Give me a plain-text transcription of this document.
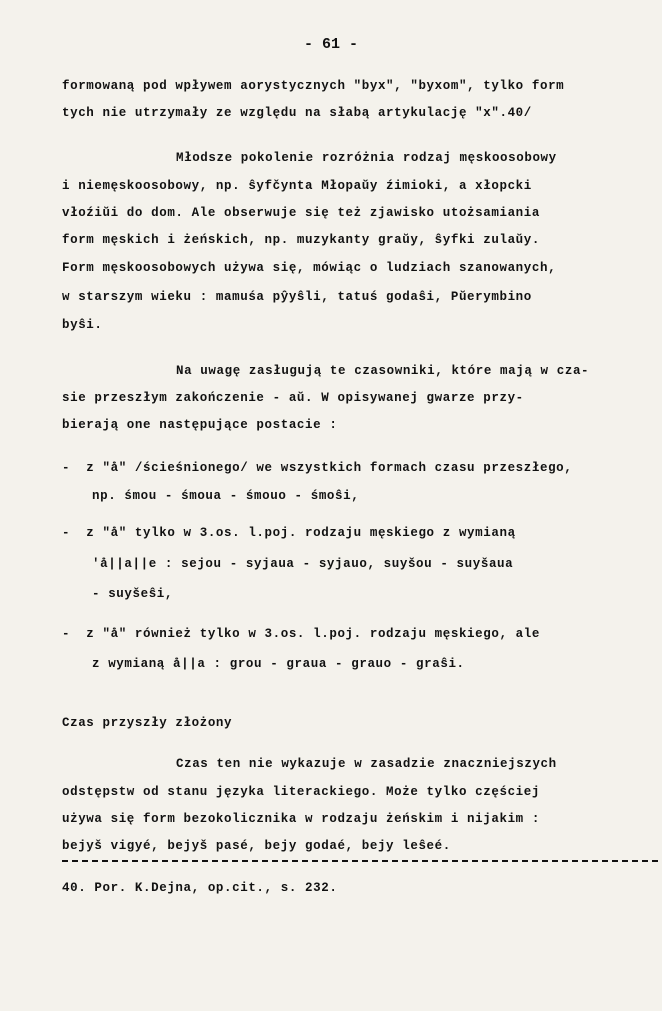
- 61 -
formowaną pod wpływem aorystycznych "byx", "byxom", tylko form
tych nie utrzymały ze względu na słabą artykulację "x".40/
Młodsze pokolenie rozróżnia rodzaj męskoosobowy
i niemęskoosobowy, np. ŝyfčynta Młopaŭy źimioki, a xłopcki
vłoźiŭi do dom. Ale obserwuje się też zjawisko utożsamiania
form męskich i żeńskich, np. muzykanty graŭy, ŝyfki zulaŭy.
Form męskoosobowych używa się, mówiąc o ludziach szanowanych,
w starszym wieku : mamuśa pŷyŝli, tatuś godaŝi, Pŭerymbino
byŝi.
Na uwagę zasługują te czasowniki, które mają w cza-
sie przeszłym zakończenie - aŭ. W opisywanej gwarze przy-
bierają one następujące postacie :
-  z "å" /ścieśnionego/ we wszystkich formach czasu przeszłego,
np. śmou - śmoua - śmouo - śmoŝi,
-  z "å" tylko w 3.os. l.poj. rodzaju męskiego z wymianą
'å||a||e : sejou - syjaua - syjauo, suyšou - suyšaua
- suyšeŝi,
-  z "å" również tylko w 3.os. l.poj. rodzaju męskiego, ale
z wymianą å||a : grou - graua - grauo - graŝi.
Czas przyszły złożony
Czas ten nie wykazuje w zasadzie znaczniejszych
odstępstw od stanu języka literackiego. Może tylko częściej
używa się form bezokolicznika w rodzaju żeńskim i nijakim :
bejyš vigyé, bejyš pasé, bejy godaé, bejy leŝeé.
40. Por. K.Dejna, op.cit., s. 232.
